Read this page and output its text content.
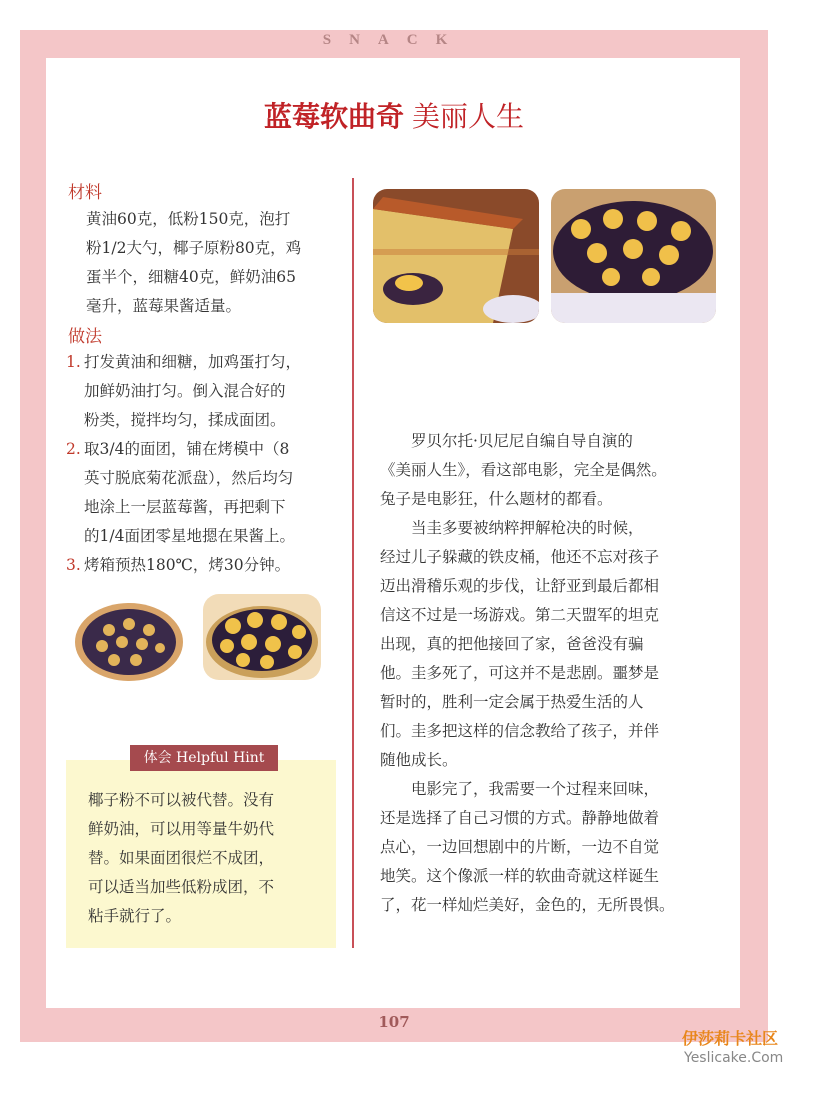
SNACK
蓝莓软曲奇 美丽人生
材料
黄油60克，低粉150克，泡打
粉1/2大勺，椰子原粉80克，鸡
蛋半个，细糖40克，鲜奶油65
毫升，蓝莓果酱适量。
做法
1. 打发黄油和细糖，加鸡蛋打匀，
加鲜奶油打匀。倒入混合好的
粉类，搅拌均匀，揉成面团。
2. 取3/4的面团，铺在烤模中（8
英寸脱底菊花派盘），然后均匀
地涂上一层蓝莓酱，再把剩下
的1/4面团零星地摁在果酱上。
3. 烤箱预热180℃，烤30分钟。
体会 Helpful Hint
椰子粉不可以被代替。没有
鲜奶油，可以用等量牛奶代
替。如果面团很烂不成团，
可以适当加些低粉成团，不
粘手就行了。
罗贝尔托·贝尼尼自编自导自演的
《美丽人生》，看这部电影，完全是偶然。
兔子是电影狂，什么题材的都看。
当圭多要被纳粹押解枪决的时候，
经过儿子躲藏的铁皮桶，他还不忘对孩子
迈出滑稽乐观的步伐，让舒亚到最后都相
信这不过是一场游戏。第二天盟军的坦克
出现，真的把他接回了家，爸爸没有骗
他。圭多死了，可这并不是悲剧。噩梦是
暂时的，胜利一定会属于热爱生活的人
们。圭多把这样的信念教给了孩子，并伴
随他成长。
电影完了，我需要一个过程来回味，
还是选择了自己习惯的方式。静静地做着
点心，一边回想剧中的片断，一边不自觉
地笑。这个像派一样的软曲奇就这样诞生
了，花一样灿烂美好，金色的，无所畏惧。
107
伊莎莉卡社区
Yeslicake.Com
